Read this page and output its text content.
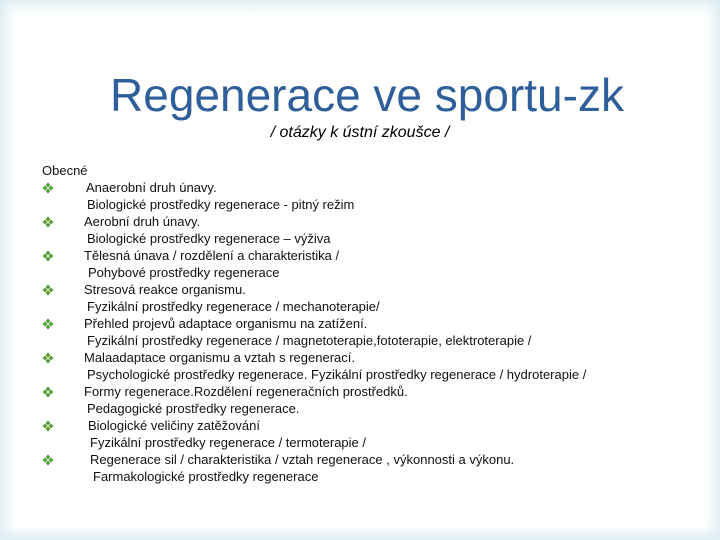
Regenerace ve sportu-zk
/ otázky k ústní zkoušce /
Obecné
Anaerobní druh únavy.
Biologické prostředky regenerace - pitný režim
Aerobní druh únavy.
Biologické prostředky regenerace – výživa
Tělesná únava / rozdělení a charakteristika /
Pohybové prostředky regenerace
Stresová reakce organismu.
Fyzikální prostředky regenerace / mechanoterapie/
Přehled projevů adaptace organismu na zatížení.
Fyzikální prostředky regenerace / magnetoterapie,fototerapie, elektroterapie /
Malaadaptace organismu a vztah s regenerací.
Psychologické prostředky regenerace. Fyzikální prostředky regenerace / hydroterapie /
Formy regenerace.Rozdělení regeneračních prostředků.
Pedagogické prostředky regenerace.
Biologické veličiny zatěžování
Fyzikální prostředky regenerace / termoterapie /
Regenerace sil / charakteristika / vztah regenerace , výkonnosti a výkonu.
Farmakologické prostředky regenerace
